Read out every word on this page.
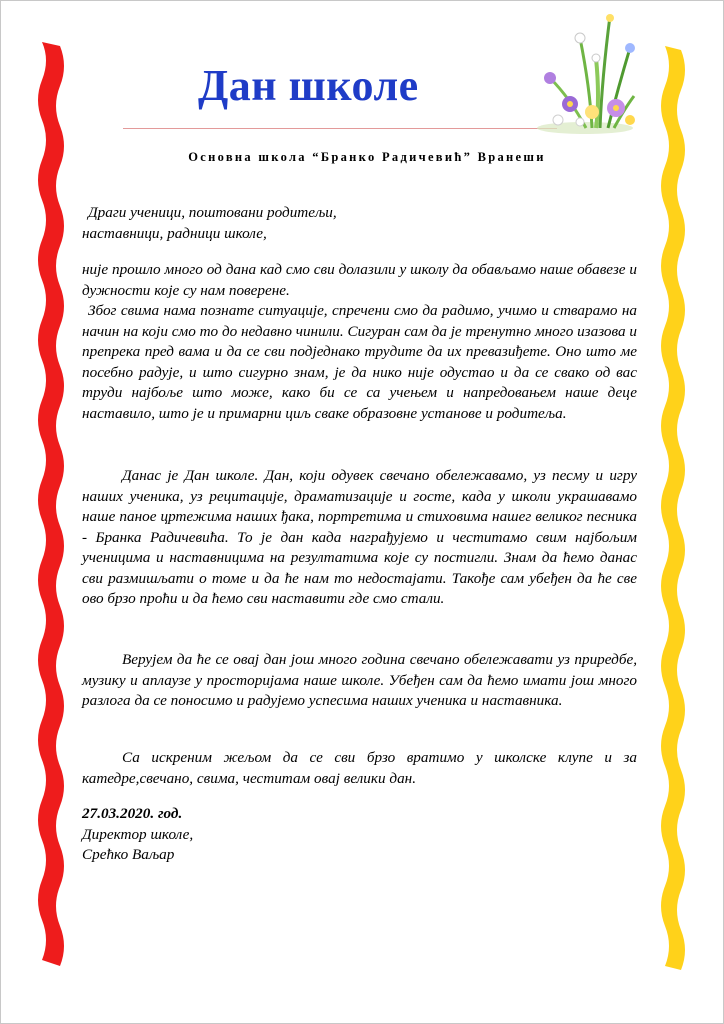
Дан школе
Основна школа “Бранко Радичевић” Вранеши

Драги ученици, поштовани родитељи,

наставници, радници школе,

није прошло много од дана кад смо сви долазили у школу да обављамо наше обавезе и дужности које су нам поверене.

Због свима нама познате ситуације, спречени смо да радимо, учимо и стварамо на начин на који смо то до недавно чинили. Сигуран сам да је тренутно много изазова и препрека пред вама и да се сви подједнако трудите да их превазиђете. Оно што ме посебно радује, и што сигурно знам, је да нико није одустао и да се свако од вас труди најбоље што може, како би се са учењем и напредовањем наше деце наставило, што је и примарни циљ сваке образовне установе и родитеља.

Данас је Дан школе. Дан, који одувек свечано обележавамо, уз песму и игру наших ученика, уз рецитације, драматизације и госте, када у школи украшавамо наше паное цртежима наших ђака, портретима и стиховима нашег великог песника - Бранка Радичевића. То је дан када награђујемо и честитамо свим најбољим ученицима и наставницима на резултатима које су постигли. Знам да ћемо данас сви размишљати о томе и да ће нам то недостајати. Такође сам убеђен да ће све ово брзо проћи и да ћемо сви наставити где смо стали.

Верујем да ће се овај дан још много година свечано обележавати уз приредбе, музику и аплаузе у просторијама наше школе. Убеђен сам да ћемо имати још много разлога да се поносимо и радујемо успесима наших ученика и наставника.

Са искреним жељом да се сви брзо вратимо у школске клупе и за катедре,свечано, свима, честитам овај велики дан.

27.03.2020. год.

Директор школе,

Срећко Ваљар
